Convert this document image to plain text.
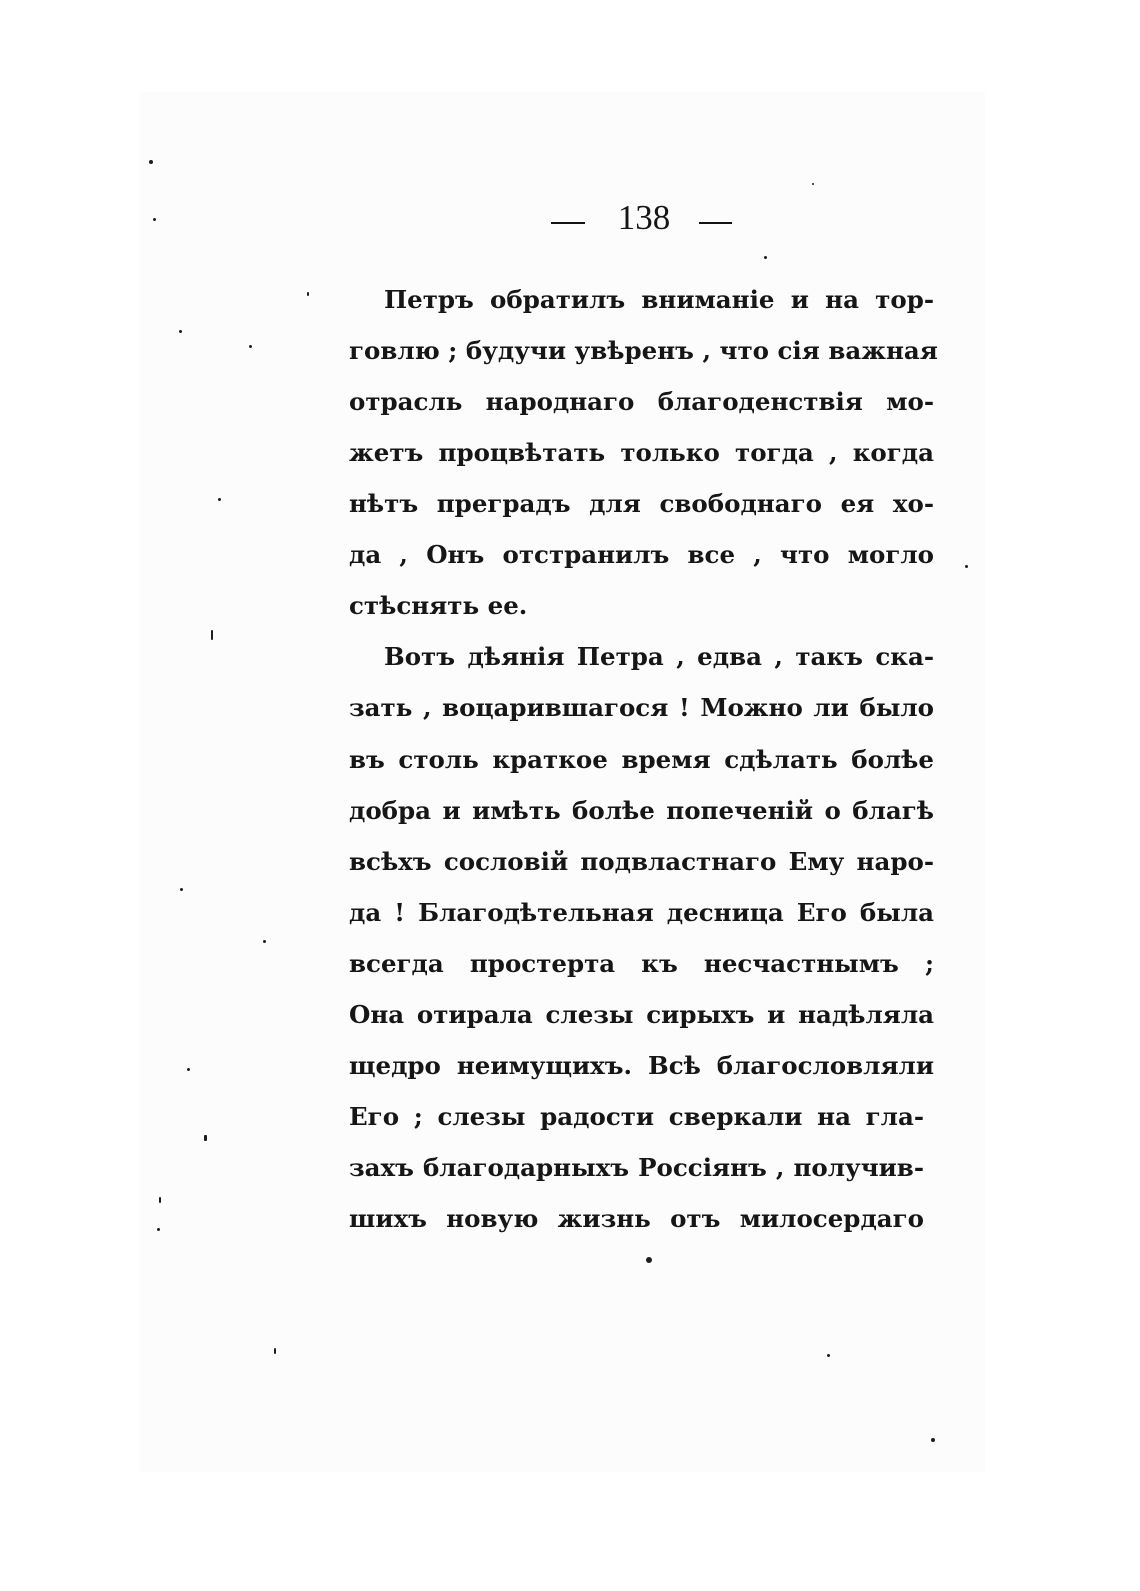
138
Петръ обратилъ вниманіе и на тор-
говлю ; будучи увѣренъ , что сія важная
отрасль народнаго благоденствія мо-
жетъ процвѣтать только тогда , когда
нѣтъ преградъ для свободнаго ея хо-
да , Онъ отстранилъ все , что могло
стѣснять ее.
Вотъ дѣянія Петра , едва , такъ ска-
зать , воцарившагося ! Можно ли было
въ столь краткое время сдѣлать болѣе
добра и имѣть болѣе попеченій о благѣ
всѣхъ сословій подвластнаго Ему наро-
да ! Благодѣтельная десница Его была
всегда простерта къ несчастнымъ ;
Она отирала слезы сирыхъ и надѣляла
щедро неимущихъ. Всѣ благословляли
Его ; слезы радости сверкали на гла-
захъ благодарныхъ Россіянъ , получив-
шихъ новую жизнь отъ милосердаго
